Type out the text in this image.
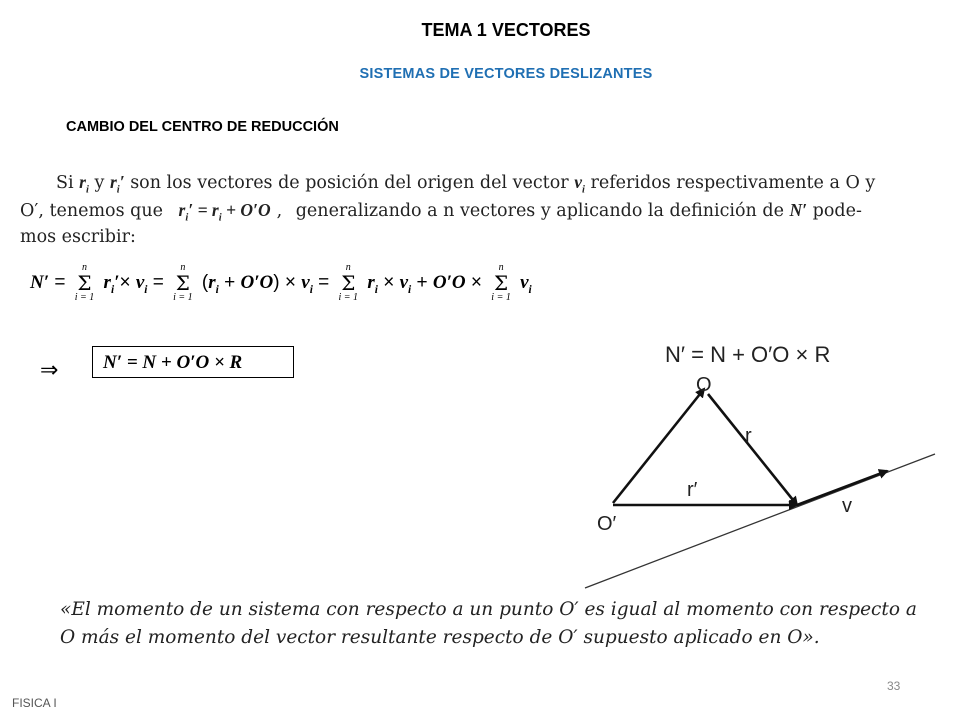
TEMA 1 VECTORES
SISTEMAS DE VECTORES DESLIZANTES
CAMBIO DEL CENTRO DE REDUCCIÓN
Si $r_i$ y $r_i'$ son los vectores de posición del origen del vector $v_i$ referidos respectivamente a O y
O′, tenemos que $r_i' = r_i + O'O$ , generalizando a n vectores y aplicando la definición de N′ pode-
mos escribir:
N′ =
n
Σ
i = 1
$r_i'\times v_i$ =
n
Σ
i = 1
$(r_i + O'O) \times v_i$ =
n
Σ
i = 1
$r_i \times v_i + O'O$ ×
n
Σ
i = 1
$v_i$
⇒	N′ = N + O′O × R	N′ = N + O′O × R
O
O′
r
r′
v
«El momento de un sistema con respecto a un punto O′ es igual al momento con respecto a O más el momento del vector resultante respecto de O′ supuesto aplicado en O».
FISICA I
33
